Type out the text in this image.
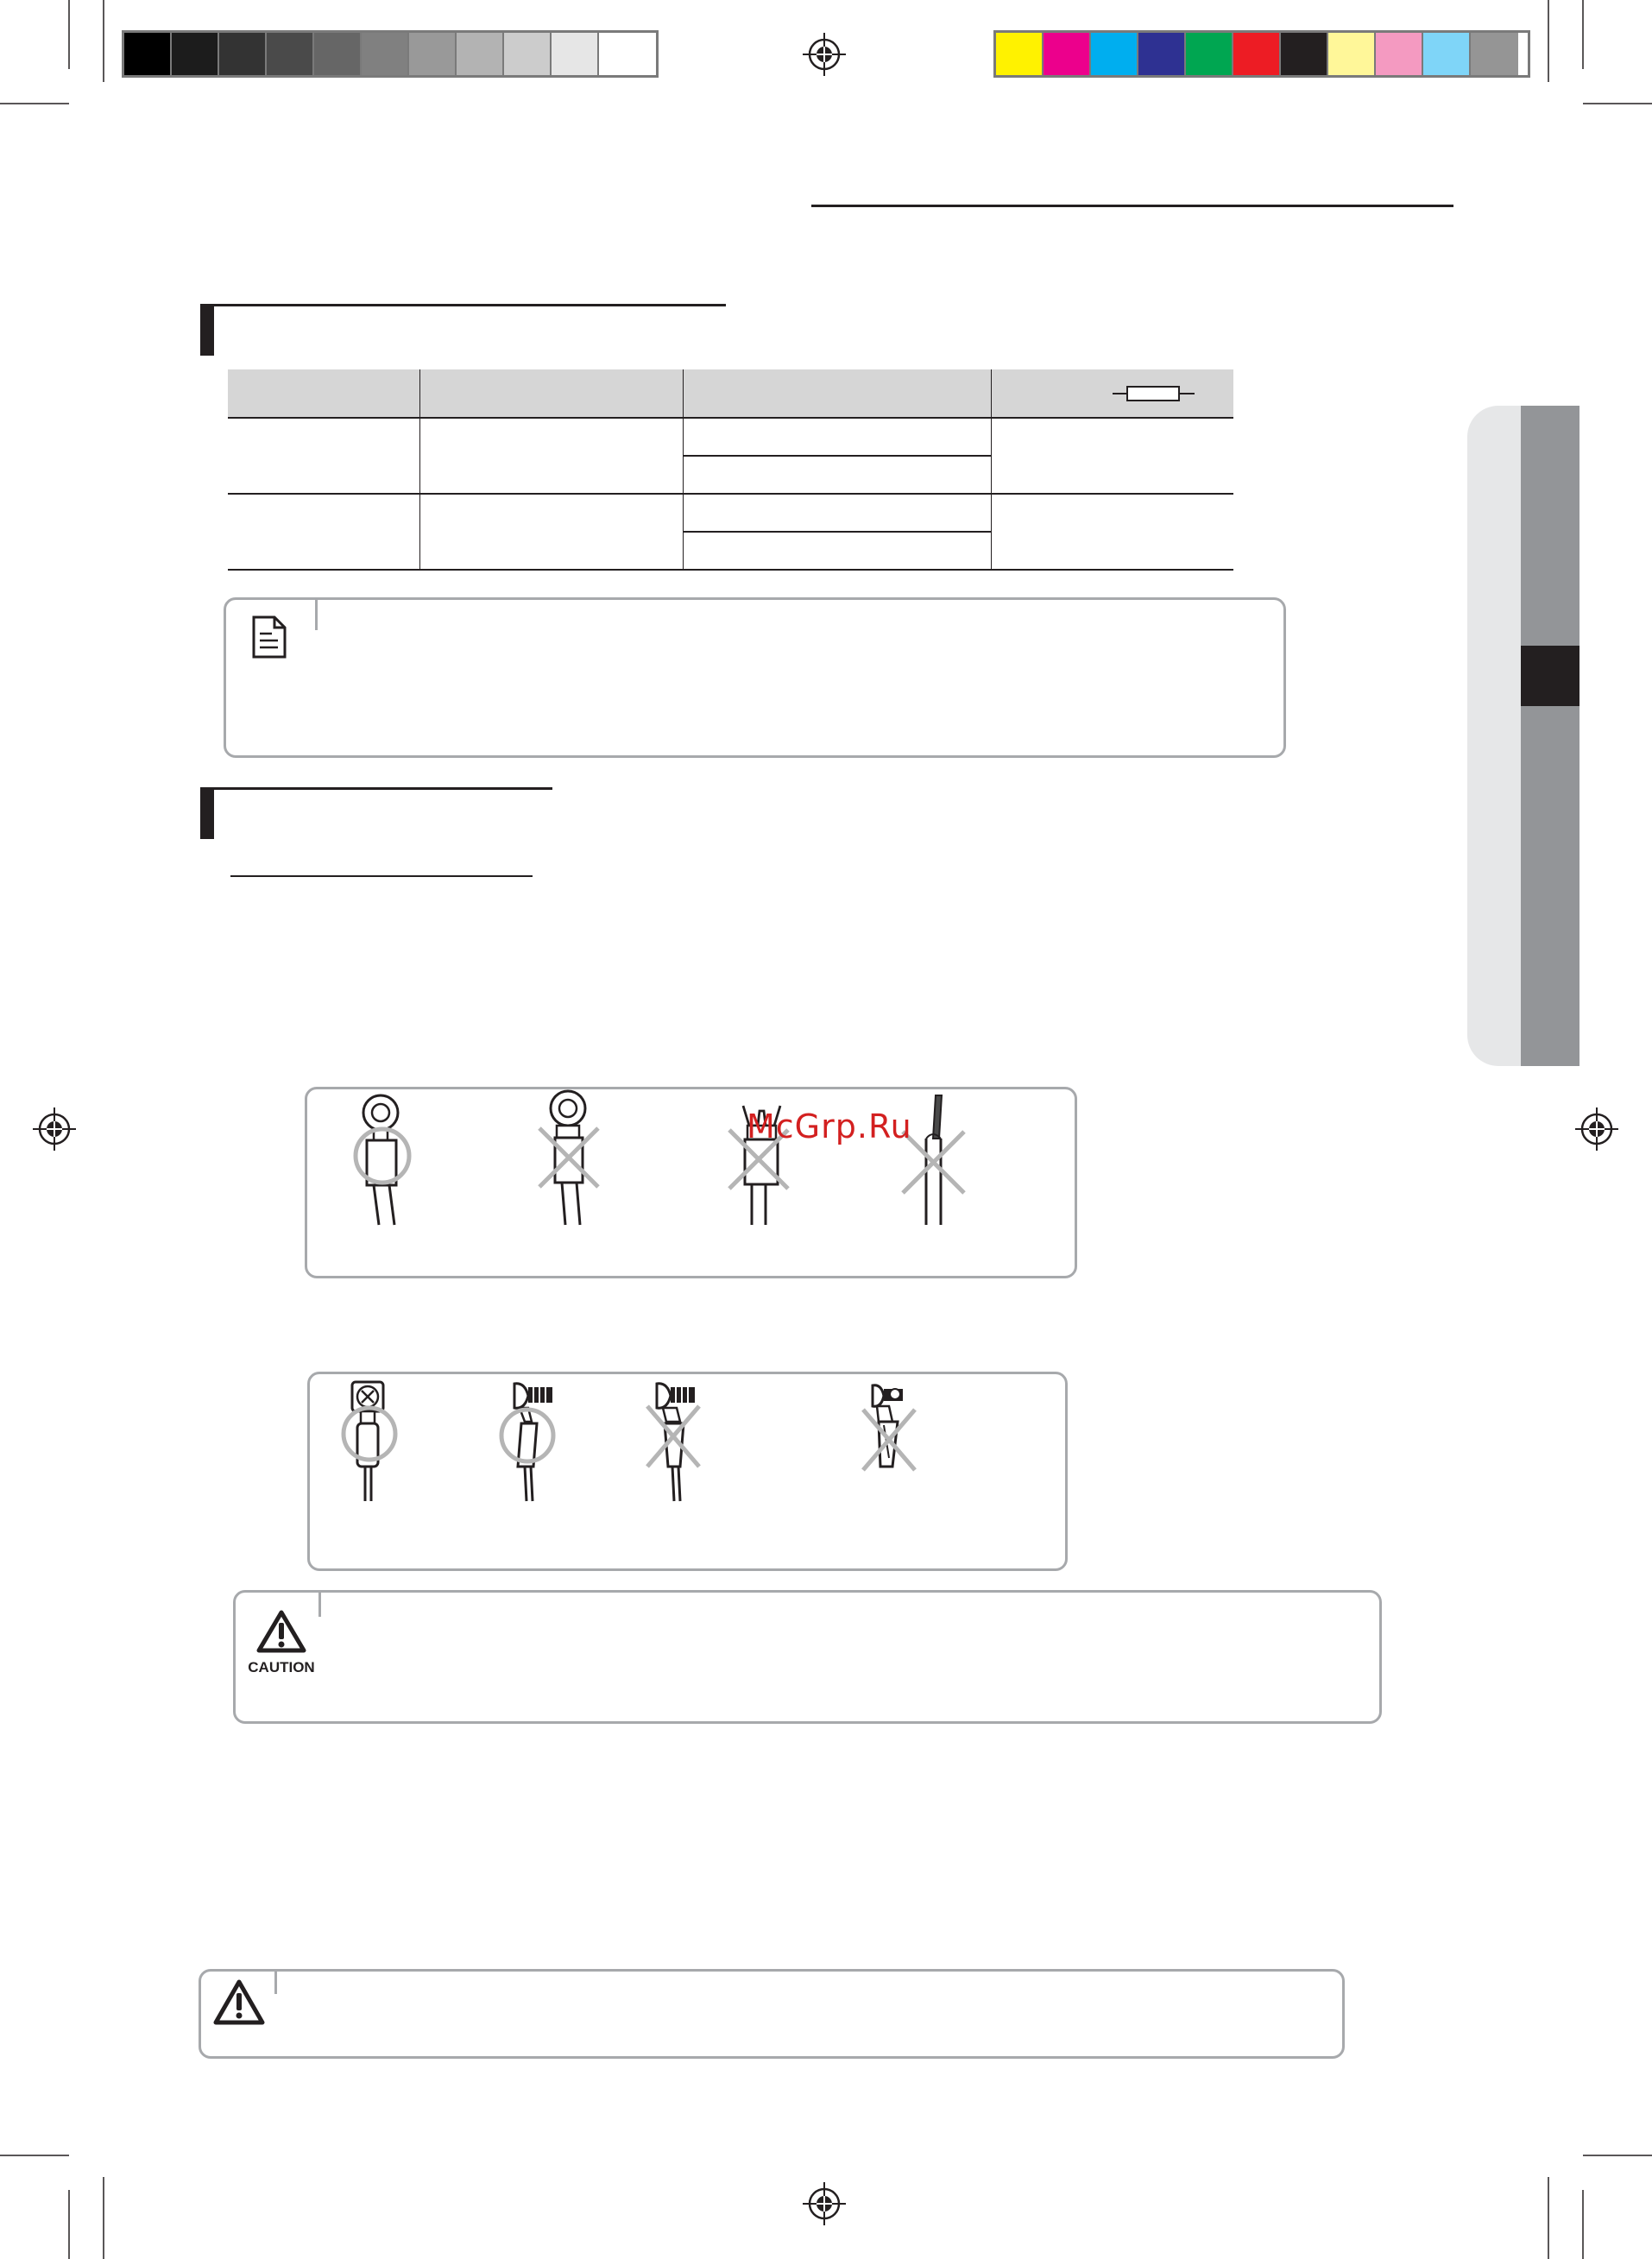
McGrp.Ru
CAUTION
